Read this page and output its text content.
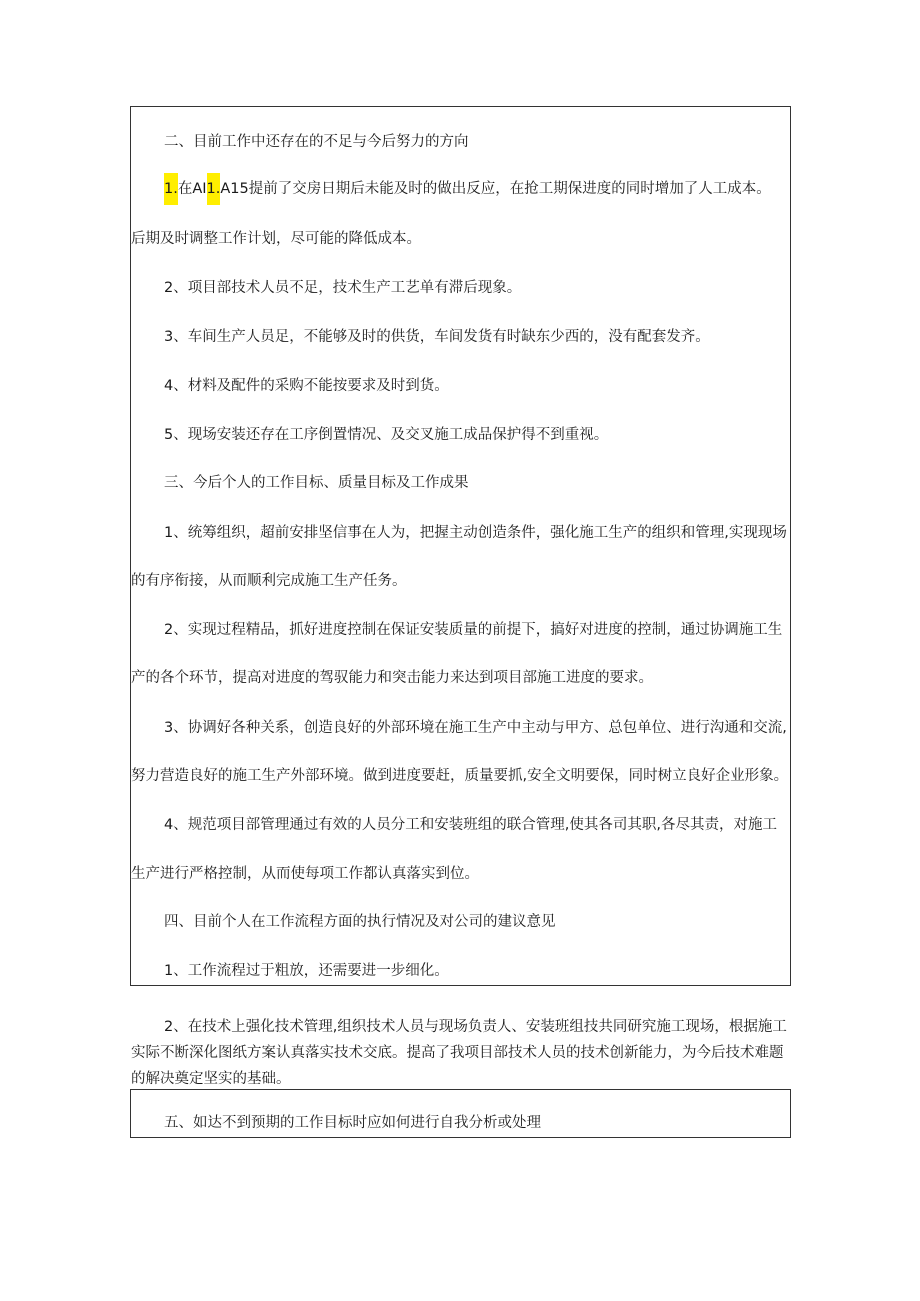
二、目前工作中还存在的不足与今后努力的方向

1.在AI1.A15提前了交房日期后未能及时的做出反应，在抢工期保进度的同时增加了人工成本。

后期及时调整工作计划，尽可能的降低成本。

2、项目部技术人员不足，技术生产工艺单有滞后现象。

3、车间生产人员足，不能够及时的供货，车间发货有时缺东少西的，没有配套发齐。

4、材料及配件的采购不能按要求及时到货。

5、现场安装还存在工序倒置情况、及交叉施工成品保护得不到重视。

三、今后个人的工作目标、质量目标及工作成果

1、统筹组织，超前安排坚信事在人为，把握主动创造条件，强化施工生产的组织和管理,实现现场

的有序衔接，从而顺利完成施工生产任务。

2、实现过程精品，抓好进度控制在保证安装质量的前提下，搞好对进度的控制，通过协调施工生

产的各个环节，提高对进度的驾驭能力和突击能力来达到项目部施工进度的要求。

3、协调好各种关系，创造良好的外部环境在施工生产中主动与甲方、总包单位、进行沟通和交流,

努力营造良好的施工生产外部环境。做到进度要赶，质量要抓,安全文明要保，同时树立良好企业形象。

4、规范项目部管理通过有效的人员分工和安装班组的联合管理,使其各司其职,各尽其责，对施工

生产进行严格控制，从而使每项工作都认真落实到位。

四、目前个人在工作流程方面的执行情况及对公司的建议意见

1、工作流程过于粗放，还需要进一步细化。

2、在技术上强化技术管理,组织技术人员与现场负责人、安装班组技共同研究施工现场，根据施工

实际不断深化图纸方案认真落实技术交底。提高了我项目部技术人员的技术创新能力，为今后技术难题

的解决奠定坚实的基础。

五、如达不到预期的工作目标时应如何进行自我分析或处理
